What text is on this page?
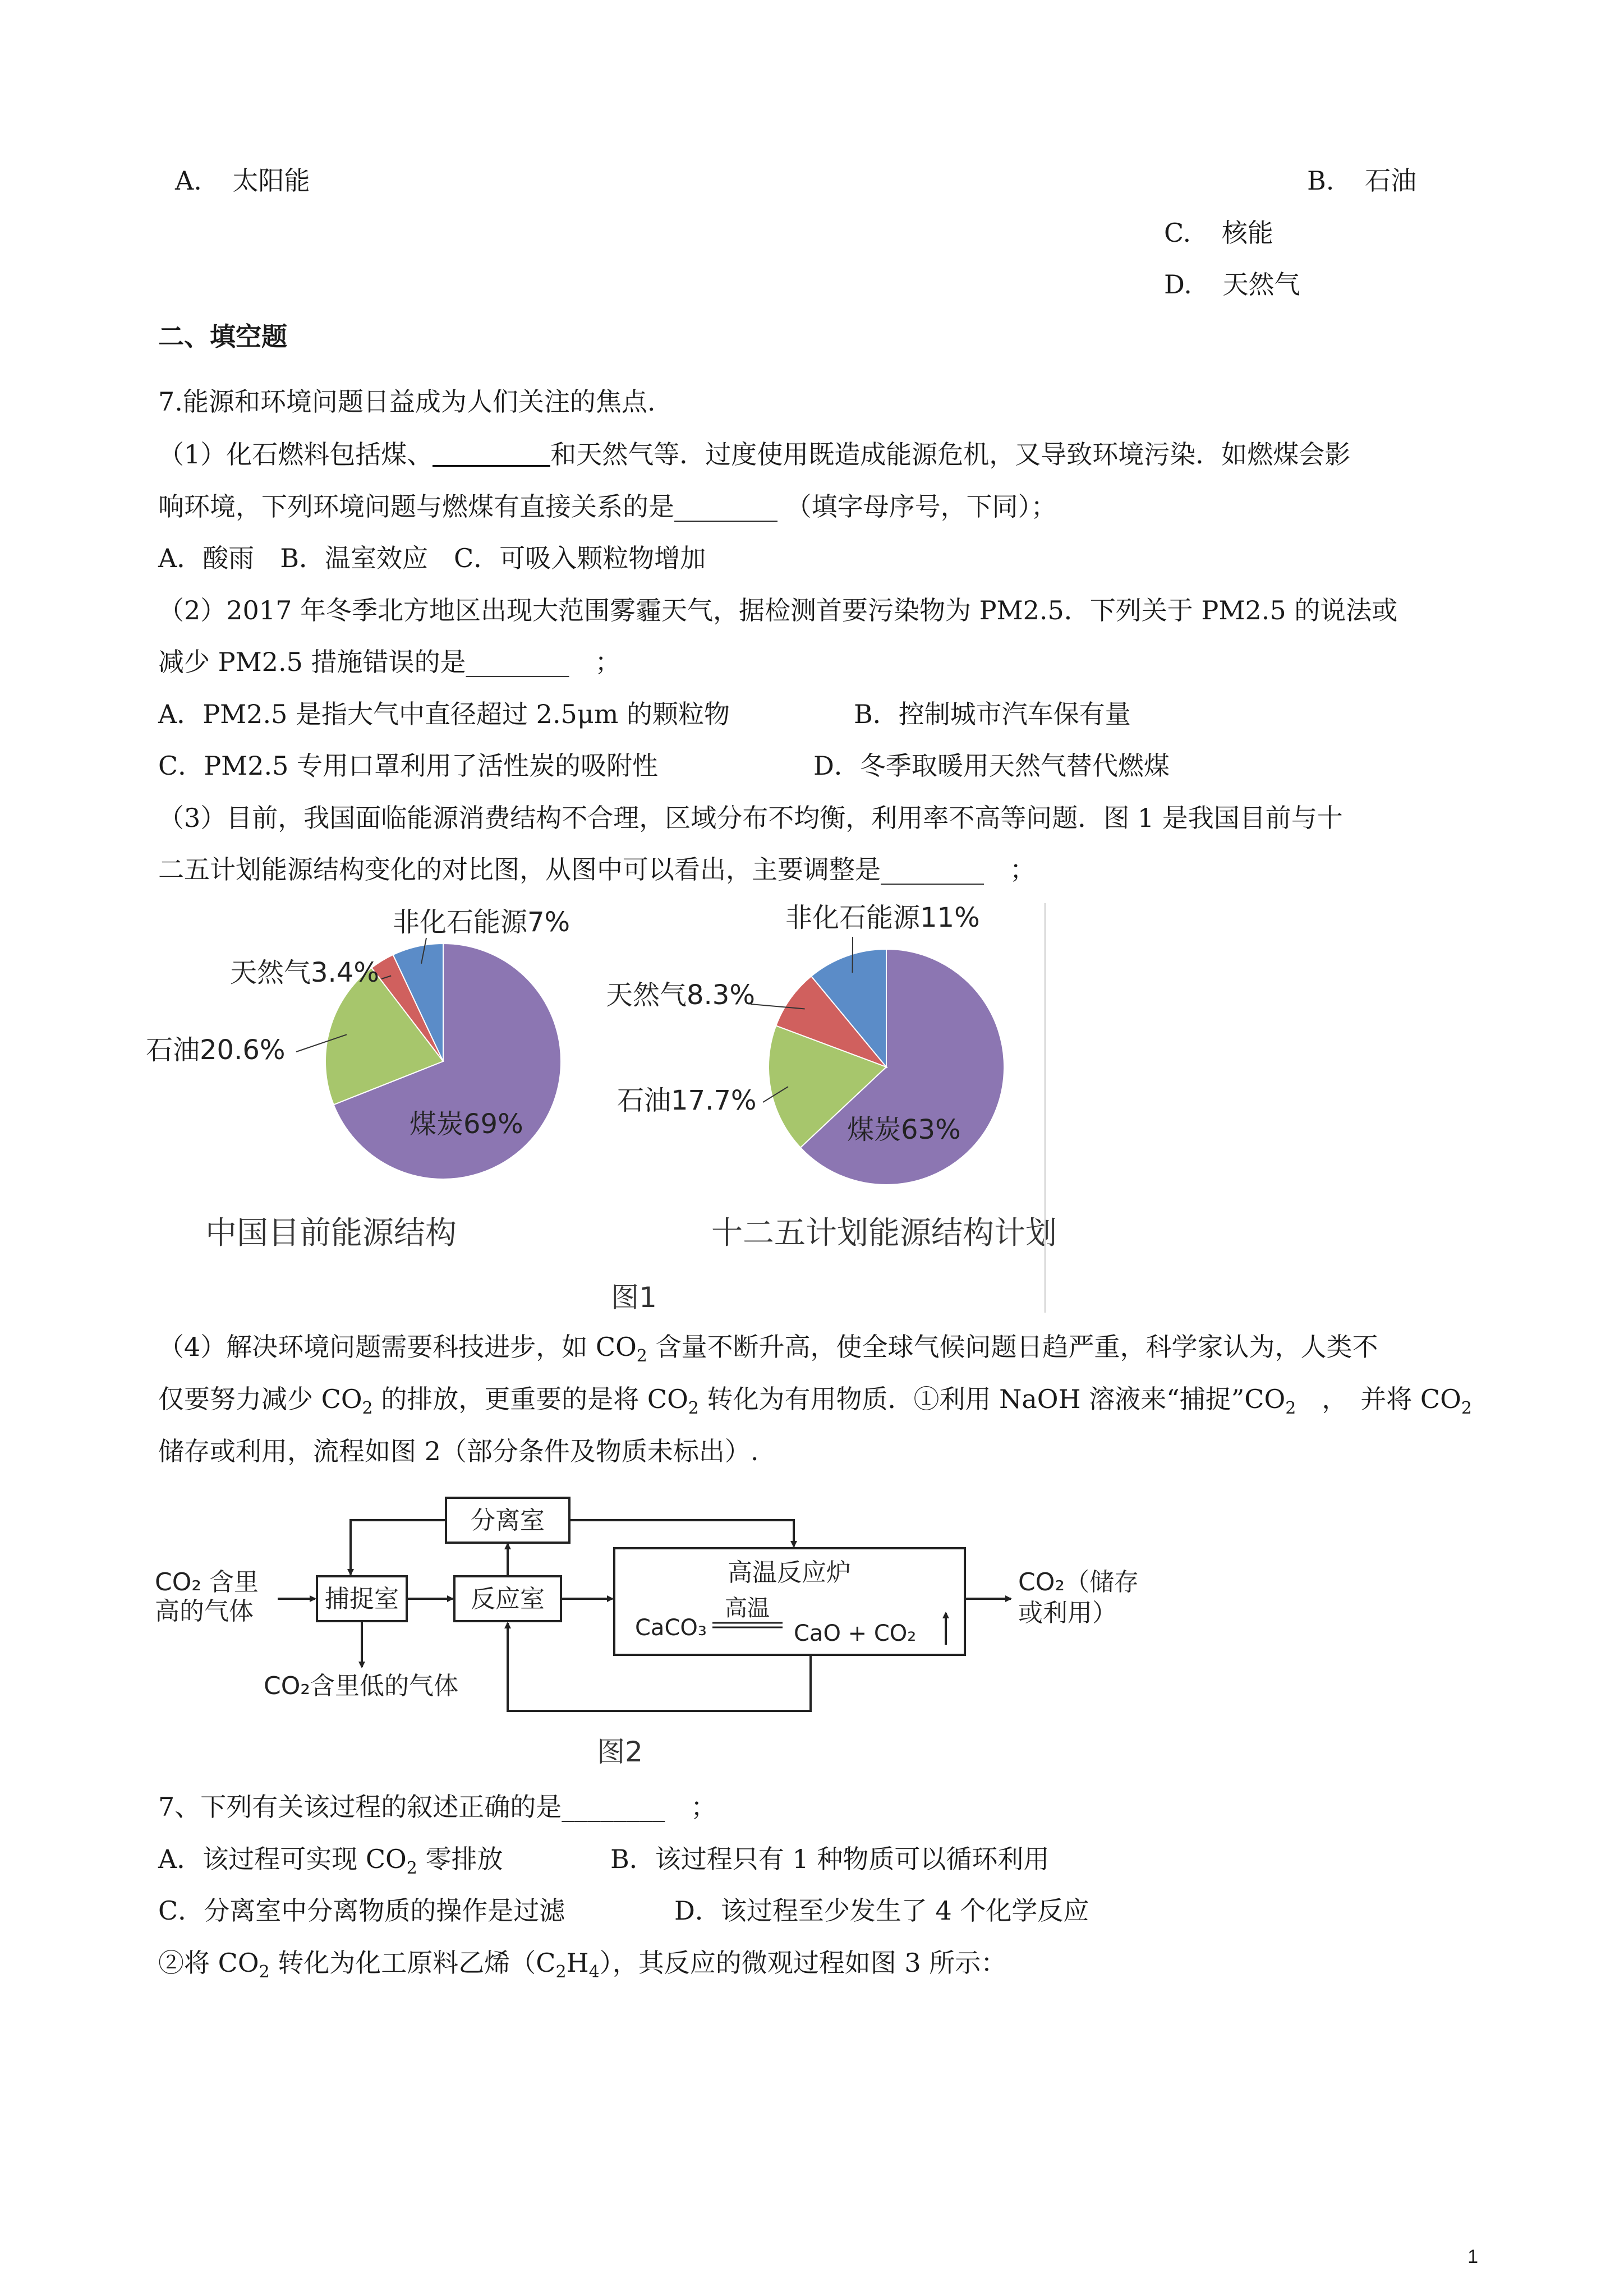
A. 太阳能	B. 石油
C. 核能
D. 天然气
二、填空题
7.能源和环境问题日益成为人们关注的焦点.
（1）化石燃料包括煤、	和天然气等．过度使用既造成能源危机，又导致环境污染．如燃煤会影
响环境，下列环境问题与燃煤有直接关系的是________ （填字母序号，下同）；
A．酸雨　B．温室效应　C．可吸入颗粒物增加
（2）2017 年冬季北方地区出现大范围雾霾天气，据检测首要污染物为 PM2.5．下列关于 PM2.5 的说法或
减少 PM2.5 措施错误的是________　；
A．PM2.5 是指大气中直径超过 2.5μm 的颗粒物	B．控制城市汽车保有量
C．PM2.5 专用口罩利用了活性炭的吸附性	D．冬季取暖用天然气替代燃煤
（3）目前，我国面临能源消费结构不合理，区域分布不均衡，利用率不高等问题．图 1 是我国目前与十
二五计划能源结构变化的对比图，从图中可以看出，主要调整是________　；
煤炭69%
石油20.6%
天然气3.4%
非化石能源7%
煤炭63%
石油17.7%
天然气8.3%
非化石能源11%
中国目前能源结构	十二五计划能源结构计划
图1
（4）解决环境问题需要科技进步，如 $CO_2$ 含量不断升高，使全球气候问题日趋严重，科学家认为，人类不
仅要努力减少 $CO_2$ 的排放，更重要的是将 $CO_2$ 转化为有用物质．①利用 NaOH 溶液来“捕捉$”CO_2$　，　并将 $CO_2$
储存或利用，流程如图 2（部分条件及物质未标出）.
CO₂ 含里
高的气体	捕捉室	反应室
CO₂含里低的气体
分离室
高温反应炉
CaCO₃
高温
CaO + CO₂
CO₂（储存
或利用）
图2
7、下列有关该过程的叙述正确的是________　；
A．该过程可实现 $CO_2$ 零排放	B．该过程只有 1 种物质可以循环利用
C．分离室中分离物质的操作是过滤	D．该过程至少发生了 4 个化学反应
②将 $CO_2$ 转化为化工原料乙烯$(C_2H_4)$，其反应的微观过程如图 3 所示：
1
